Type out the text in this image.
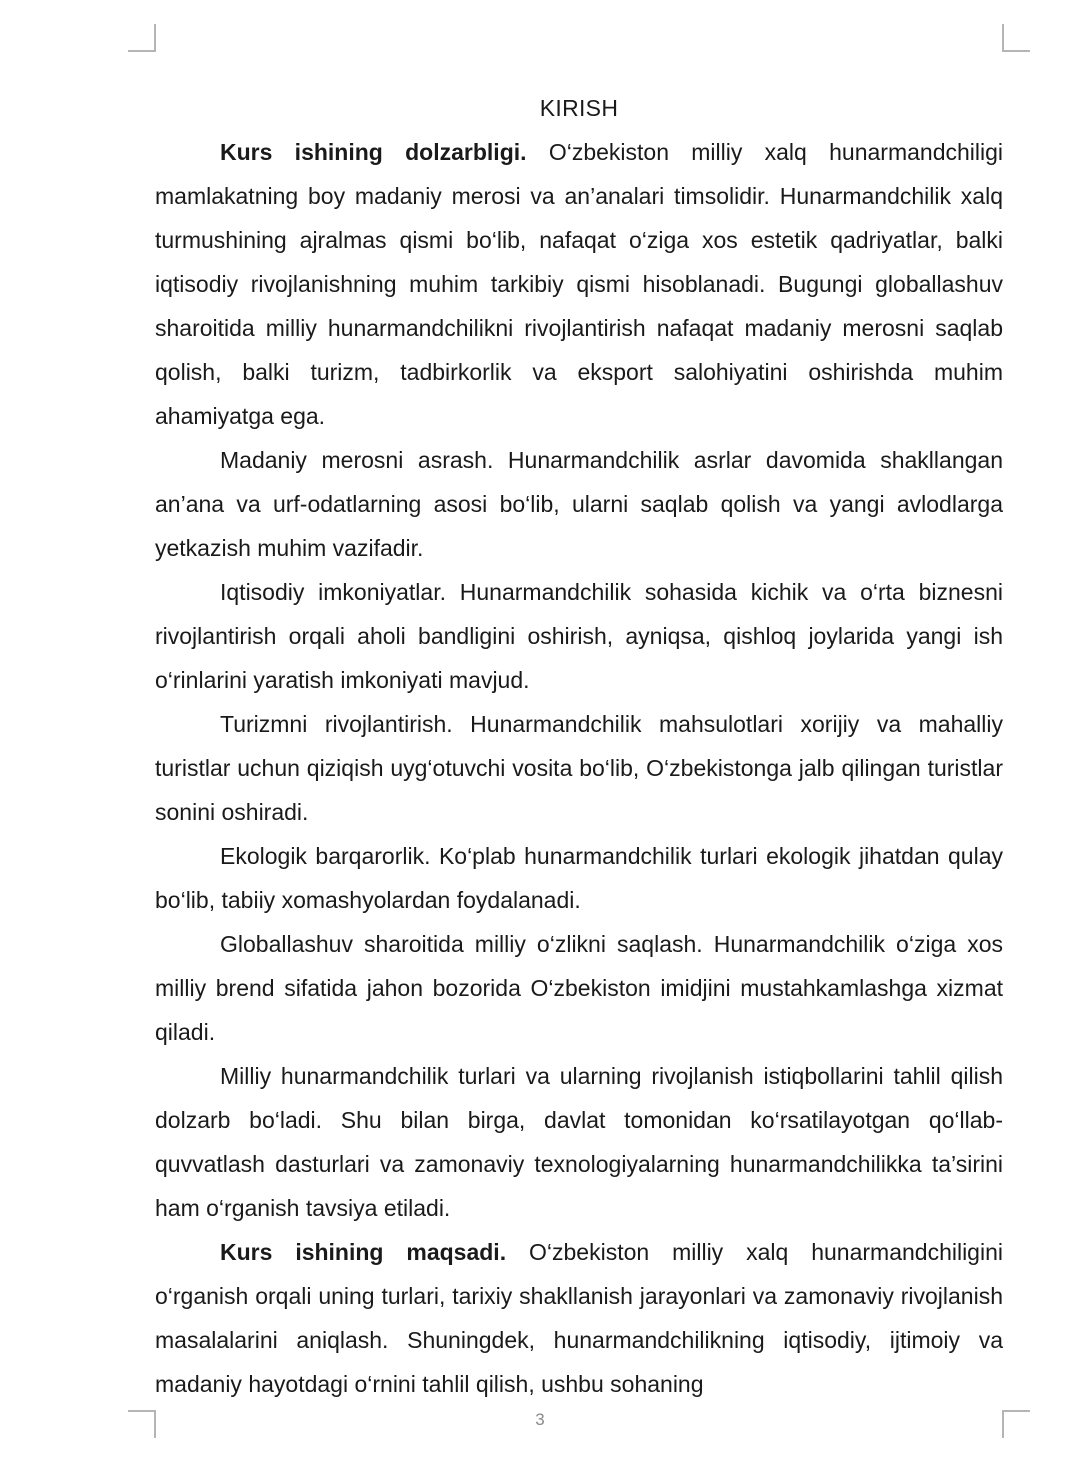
KIRISH

Kurs ishining dolzarbligi. O‘zbekiston milliy xalq hunarmandchiligi mamlakatning boy madaniy merosi va an’analari timsolidir. Hunarmandchilik xalq turmushining ajralmas qismi bo‘lib, nafaqat o‘ziga xos estetik qadriyatlar, balki iqtisodiy rivojlanishning muhim tarkibiy qismi hisoblanadi. Bugungi globallashuv sharoitida milliy hunarmandchilikni rivojlantirish nafaqat madaniy merosni saqlab qolish, balki turizm, tadbirkorlik va eksport salohiyatini oshirishda muhim ahamiyatga ega.

Madaniy merosni asrash. Hunarmandchilik asrlar davomida shakllangan an’ana va urf-odatlarning asosi bo‘lib, ularni saqlab qolish va yangi avlodlarga yetkazish muhim vazifadir.

Iqtisodiy imkoniyatlar. Hunarmandchilik sohasida kichik va o‘rta biznesni rivojlantirish orqali aholi bandligini oshirish, ayniqsa, qishloq joylarida yangi ish o‘rinlarini yaratish imkoniyati mavjud.

Turizmni rivojlantirish. Hunarmandchilik mahsulotlari xorijiy va mahalliy turistlar uchun qiziqish uyg‘otuvchi vosita bo‘lib, O‘zbekistonga jalb qilingan turistlar sonini oshiradi.

Ekologik barqarorlik. Ko‘plab hunarmandchilik turlari ekologik jihatdan qulay bo‘lib, tabiiy xomashyolardan foydalanadi.

Globallashuv sharoitida milliy o‘zlikni saqlash. Hunarmandchilik o‘ziga xos milliy brend sifatida jahon bozorida O‘zbekiston imidjini mustahkamlashga xizmat qiladi.

Milliy hunarmandchilik turlari va ularning rivojlanish istiqbollarini tahlil qilish dolzarb bo‘ladi. Shu bilan birga, davlat tomonidan ko‘rsatilayotgan qo‘llab-quvvatlash dasturlari va zamonaviy texnologiyalarning hunarmandchilikka ta’sirini ham o‘rganish tavsiya etiladi.

Kurs ishining maqsadi. O‘zbekiston milliy xalq hunarmandchiligini o‘rganish orqali uning turlari, tarixiy shakllanish jarayonlari va zamonaviy rivojlanish masalalarini aniqlash. Shuningdek, hunarmandchilikning iqtisodiy, ijtimoiy va madaniy hayotdagi o‘rnini tahlil qilish, ushbu sohaning

3
